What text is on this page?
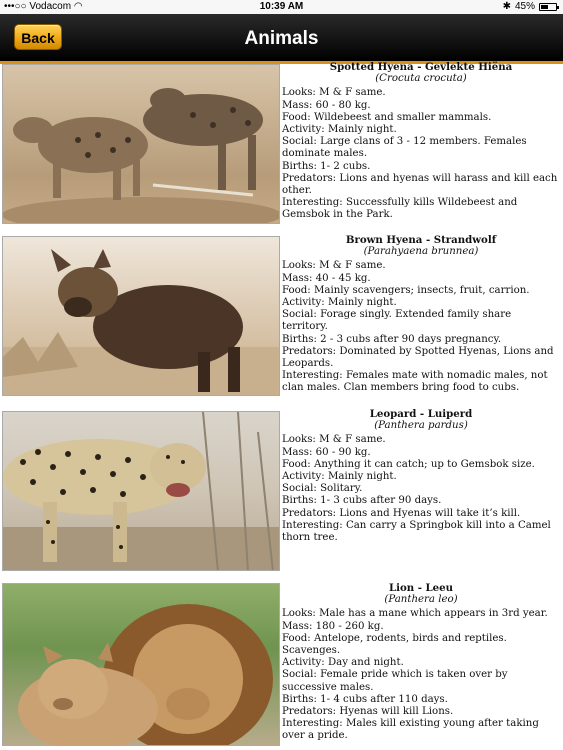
•••○○ Vodacom ◠	10:39 AM	✱ 45%
Animals
Back
Spotted Hyena - Gevlekte Hiëna
(Crocuta crocuta)

Looks: M & F same.

Mass: 60 - 80 kg.

Food: Wildebeest and smaller mammals.

Activity: Mainly night.

Social: Large clans of 3 - 12 members. Females dominate males.

Births: 1- 2 cubs.

Predators: Lions and hyenas will harass and kill each other.

Interesting: Successfully kills Wildebeest and Gemsbok in the Park.

Brown Hyena - Strandwolf
(Parahyaena brunnea)

Looks: M & F same.

Mass: 40 - 45 kg.

Food: Mainly scavengers; insects, fruit, carrion.

Activity: Mainly night.

Social: Forage singly. Extended family share territory.

Births: 2 - 3 cubs after 90 days pregnancy.

Predators: Dominated by Spotted Hyenas, Lions and Leopards.

Interesting: Females mate with nomadic males, not clan males. Clan members bring food to cubs.

Leopard - Luiperd
(Panthera pardus)

Looks: M & F same.

Mass: 60 - 90 kg.

Food: Anything it can catch; up to Gemsbok size.

Activity: Mainly night.

Social: Solitary.

Births: 1- 3 cubs after 90 days.

Predators: Lions and Hyenas will take it’s kill.

Interesting: Can carry a Springbok kill into a Camel thorn tree.

Lion - Leeu
(Panthera leo)

Looks: Male has a mane which appears in 3rd year.

Mass: 180 - 260 kg.

Food: Antelope, rodents, birds and reptiles. Scavenges.

Activity: Day and night.

Social: Female pride which is taken over by successive males.

Births: 1- 4 cubs after 110 days.

Predators: Hyenas will kill Lions.

Interesting: Males kill existing young after taking over a pride.
